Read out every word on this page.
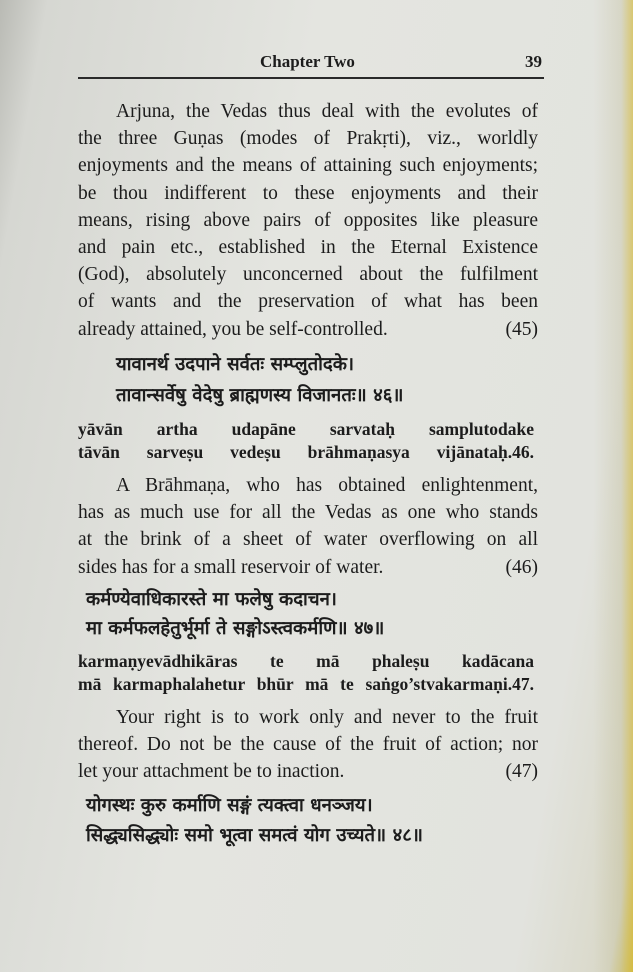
Chapter Two	39
Arjuna, the Vedas thus deal with the evolutes of
the three Guṇas (modes of Prakṛti), viz., worldly
enjoyments and the means of attaining such enjoyments;
be thou indifferent to these enjoyments and their
means, rising above pairs of opposites like pleasure
and pain etc., established in the Eternal Existence
(God), absolutely unconcerned about the fulfilment
of wants and the preservation of what has been
already attained, you be self-controlled.	(45)
यावानर्थ उदपाने सर्वतः सम्प्लुतोदके।
तावान्सर्वेषु वेदेषु ब्राह्मणस्य विजानतः॥ ४६॥
yāvān artha udapāne sarvataḥ samplutodake
tāvān sarveṣu vedeṣu brāhmaṇasya vijānataḥ.46.
A Brāhmaṇa, who has obtained enlightenment,
has as much use for all the Vedas as one who stands
at the brink of a sheet of water overflowing on all
sides has for a small reservoir of water.	(46)
कर्मण्येवाधिकारस्ते मा फलेषु कदाचन।
मा कर्मफलहेतुर्भूर्मा ते सङ्गोऽस्त्वकर्मणि॥ ४७॥
karmaṇyevādhikāras te mā phaleṣu kadācana
mā karmaphalahetur bhūr mā te saṅgo’stvakarmaṇi.47.
Your right is to work only and never to the fruit
thereof. Do not be the cause of the fruit of action; nor
let your attachment be to inaction.	(47)
योगस्थः कुरु कर्माणि सङ्गं त्यक्त्वा धनञ्जय।
सिद्ध्यसिद्ध्योः समो भूत्वा समत्वं योग उच्यते॥ ४८॥
